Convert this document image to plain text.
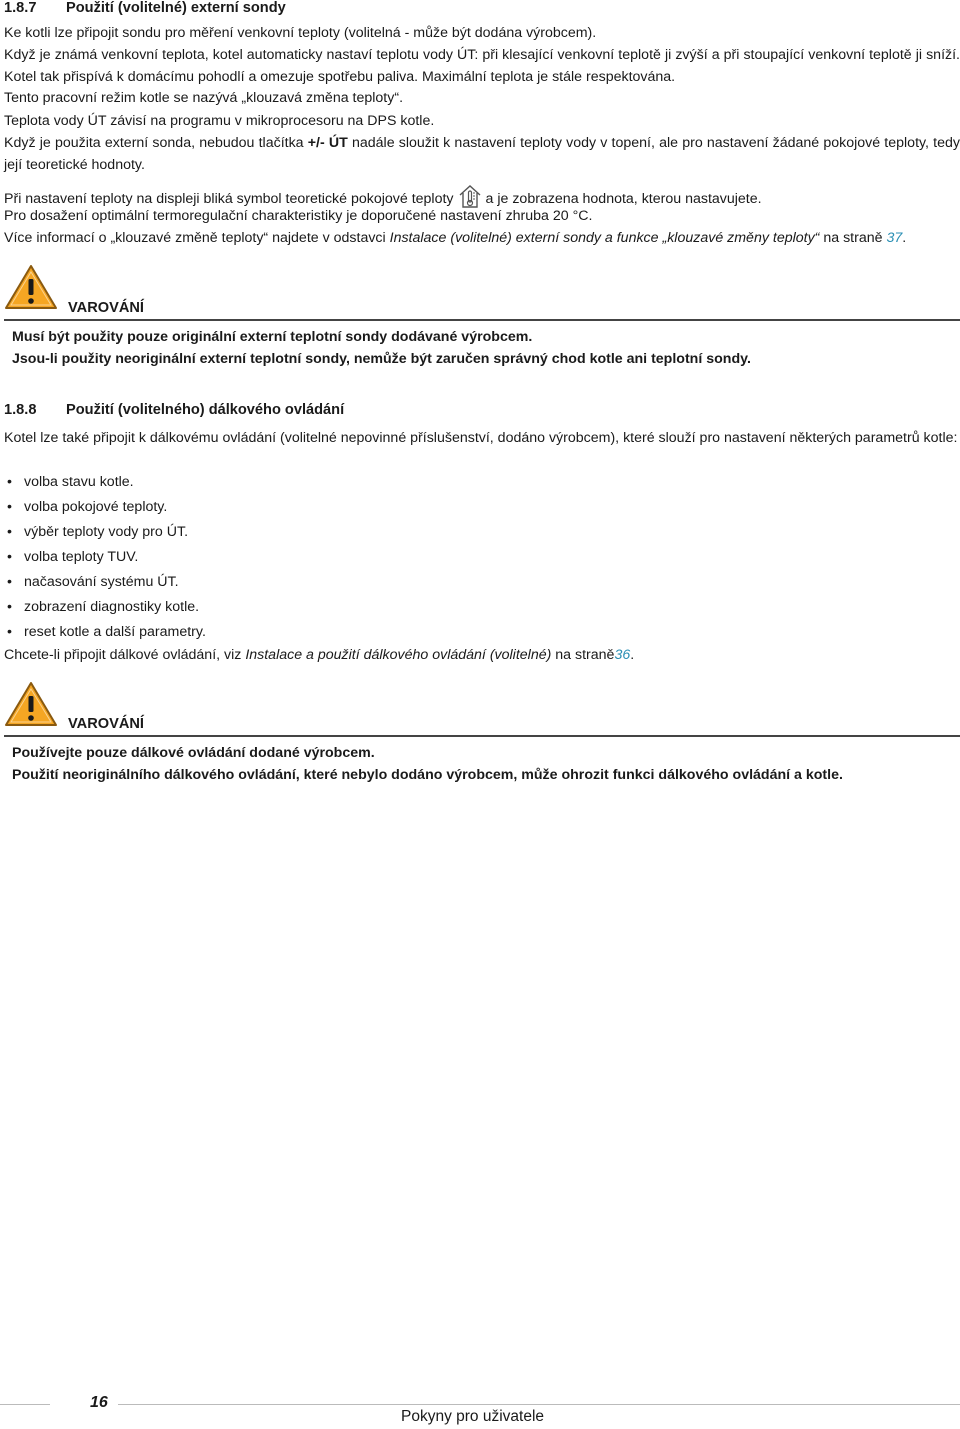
1.8.7 Použití (volitelné) externí sondy

Ke kotli lze připojit sondu pro měření venkovní teploty (volitelná - může být dodána výrobcem).

Když je známá venkovní teplota, kotel automaticky nastaví teplotu vody ÚT: při klesající venkovní teplotě ji zvýší a při stoupající venkovní teplotě ji sníží. Kotel tak přispívá k domácímu pohodlí a omezuje spotřebu paliva. Maximální teplota je stále respektována.

Tento pracovní režim kotle se nazývá „klouzavá změna teploty“.

Teplota vody ÚT závisí na programu v mikroprocesoru na DPS kotle.

Když je použita externí sonda, nebudou tlačítka +/- ÚT nadále sloužit k nastavení teploty vody v topení, ale pro nastavení žádané pokojové teploty, tedy její teoretické hodnoty.

Při nastavení teploty na displeji bliká symbol teoretické pokojové teploty a je zobrazena hodnota, kterou nastavujete.

Pro dosažení optimální termoregulační charakteristiky je doporučené nastavení zhruba 20 °C.

Více informací o „klouzavé změně teploty“ najdete v odstavci Instalace (volitelné) externí sondy a funkce „klouzavé změny teploty“ na straně 37.

VAROVÁNÍ
Musí být použity pouze originální externí teplotní sondy dodávané výrobcem.
Jsou-li použity neoriginální externí teplotní sondy, nemůže být zaručen správný chod kotle ani teplotní sondy.
1.8.8 Použití (volitelného) dálkového ovládání

Kotel lze také připojit k dálkovému ovládání (volitelné nepovinné příslušenství, dodáno výrobcem), které slouží pro nastavení některých parametrů kotle:

• volba stavu kotle.
• volba pokojové teploty.
• výběr teploty vody pro ÚT.
• volba teploty TUV.
• načasování systému ÚT.
• zobrazení diagnostiky kotle.
• reset kotle a další parametry.

Chcete-li připojit dálkové ovládání, viz Instalace a použití dálkového ovládání (volitelné) na straně36.

VAROVÁNÍ
Používejte pouze dálkové ovládání dodané výrobcem.
Použití neoriginálního dálkového ovládání, které nebylo dodáno výrobcem, může ohrozit funkci dálkového ovládání a kotle.
16
Pokyny pro uživatele
